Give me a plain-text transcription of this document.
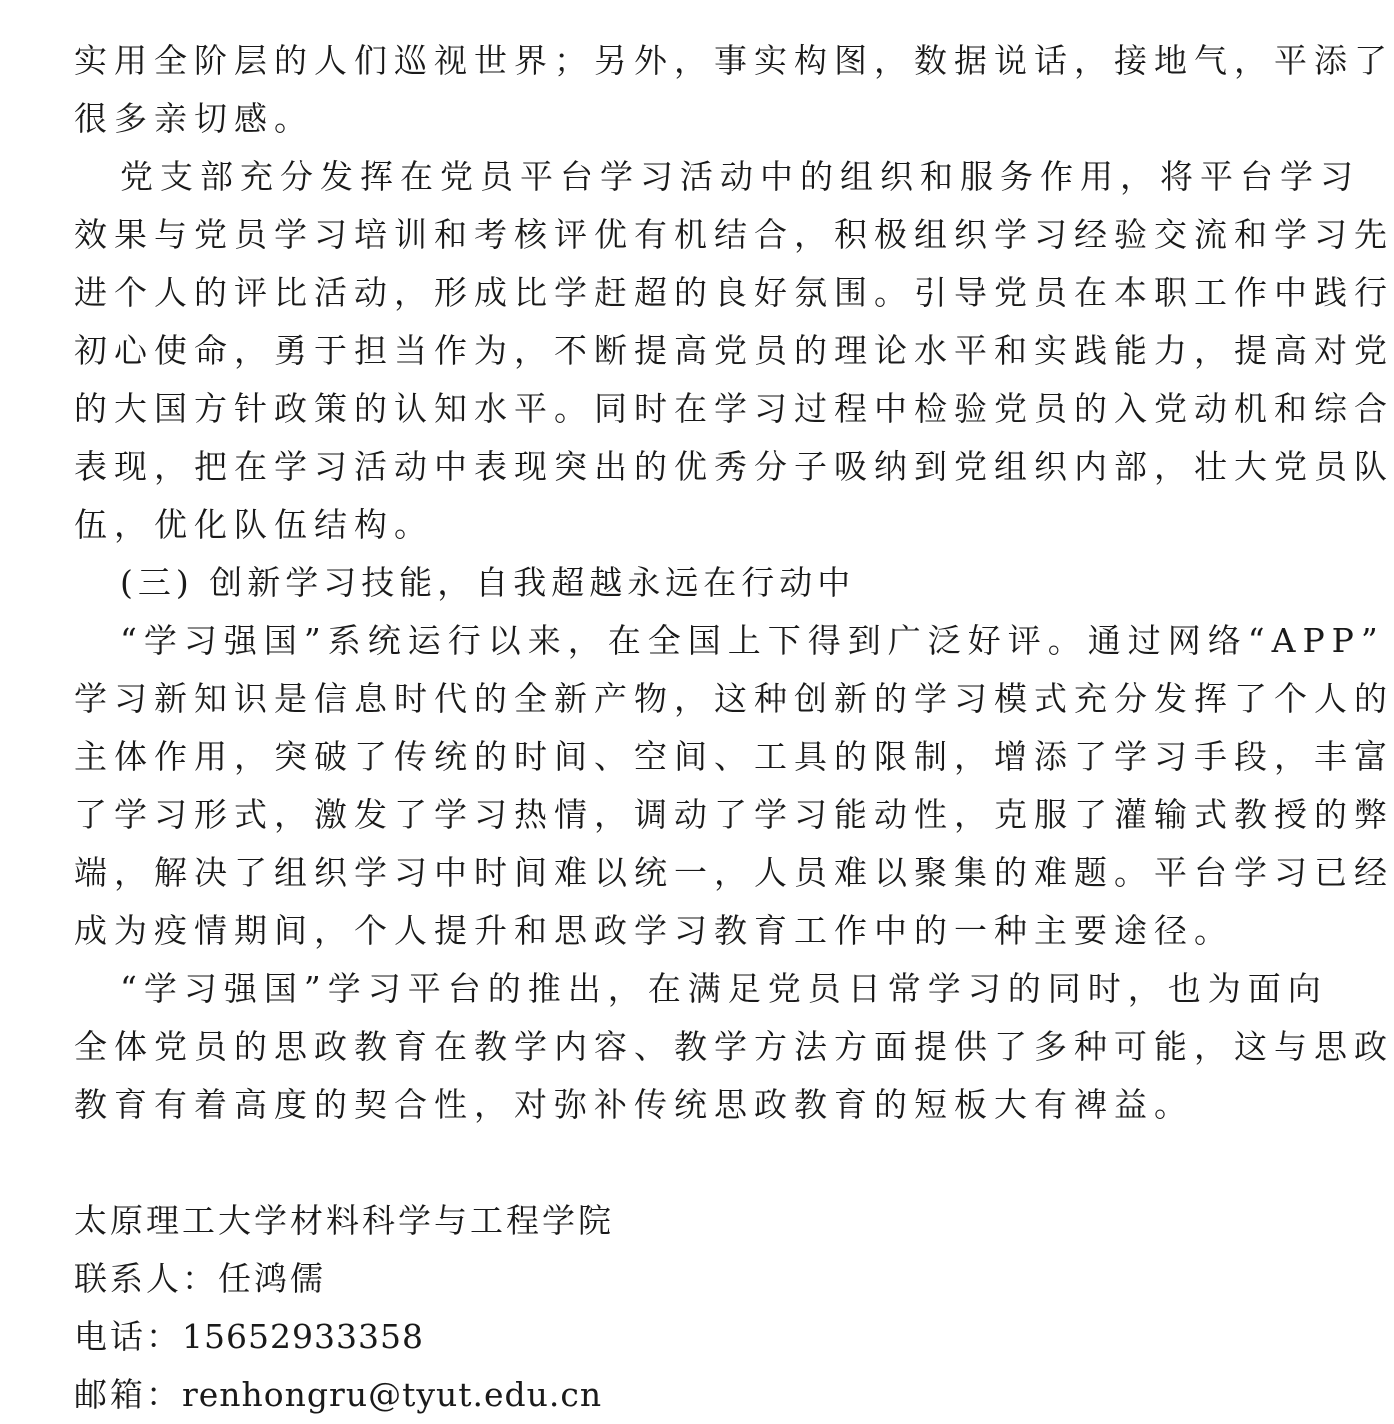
实用全阶层的人们巡视世界；另外，事实构图，数据说话，接地气，平添了
很多亲切感。
党支部充分发挥在党员平台学习活动中的组织和服务作用，将平台学习
效果与党员学习培训和考核评优有机结合，积极组织学习经验交流和学习先
进个人的评比活动，形成比学赶超的良好氛围。引导党员在本职工作中践行
初心使命，勇于担当作为，不断提高党员的理论水平和实践能力，提高对党
的大国方针政策的认知水平。同时在学习过程中检验党员的入党动机和综合
表现，把在学习活动中表现突出的优秀分子吸纳到党组织内部，壮大党员队
伍，优化队伍结构。
(三) 创新学习技能，自我超越永远在行动中
“学习强国”系统运行以来，在全国上下得到广泛好评。通过网络“APP”
学习新知识是信息时代的全新产物，这种创新的学习模式充分发挥了个人的
主体作用，突破了传统的时间、空间、工具的限制，增添了学习手段，丰富
了学习形式，激发了学习热情，调动了学习能动性，克服了灌输式教授的弊
端，解决了组织学习中时间难以统一，人员难以聚集的难题。平台学习已经
成为疫情期间，个人提升和思政学习教育工作中的一种主要途径。
“学习强国”学习平台的推出，在满足党员日常学习的同时，也为面向
全体党员的思政教育在教学内容、教学方法方面提供了多种可能，这与思政
教育有着高度的契合性，对弥补传统思政教育的短板大有裨益。
太原理工大学材料科学与工程学院
联系人：任鸿儒
电话：15652933358
邮箱：renhongru@tyut.edu.cn
